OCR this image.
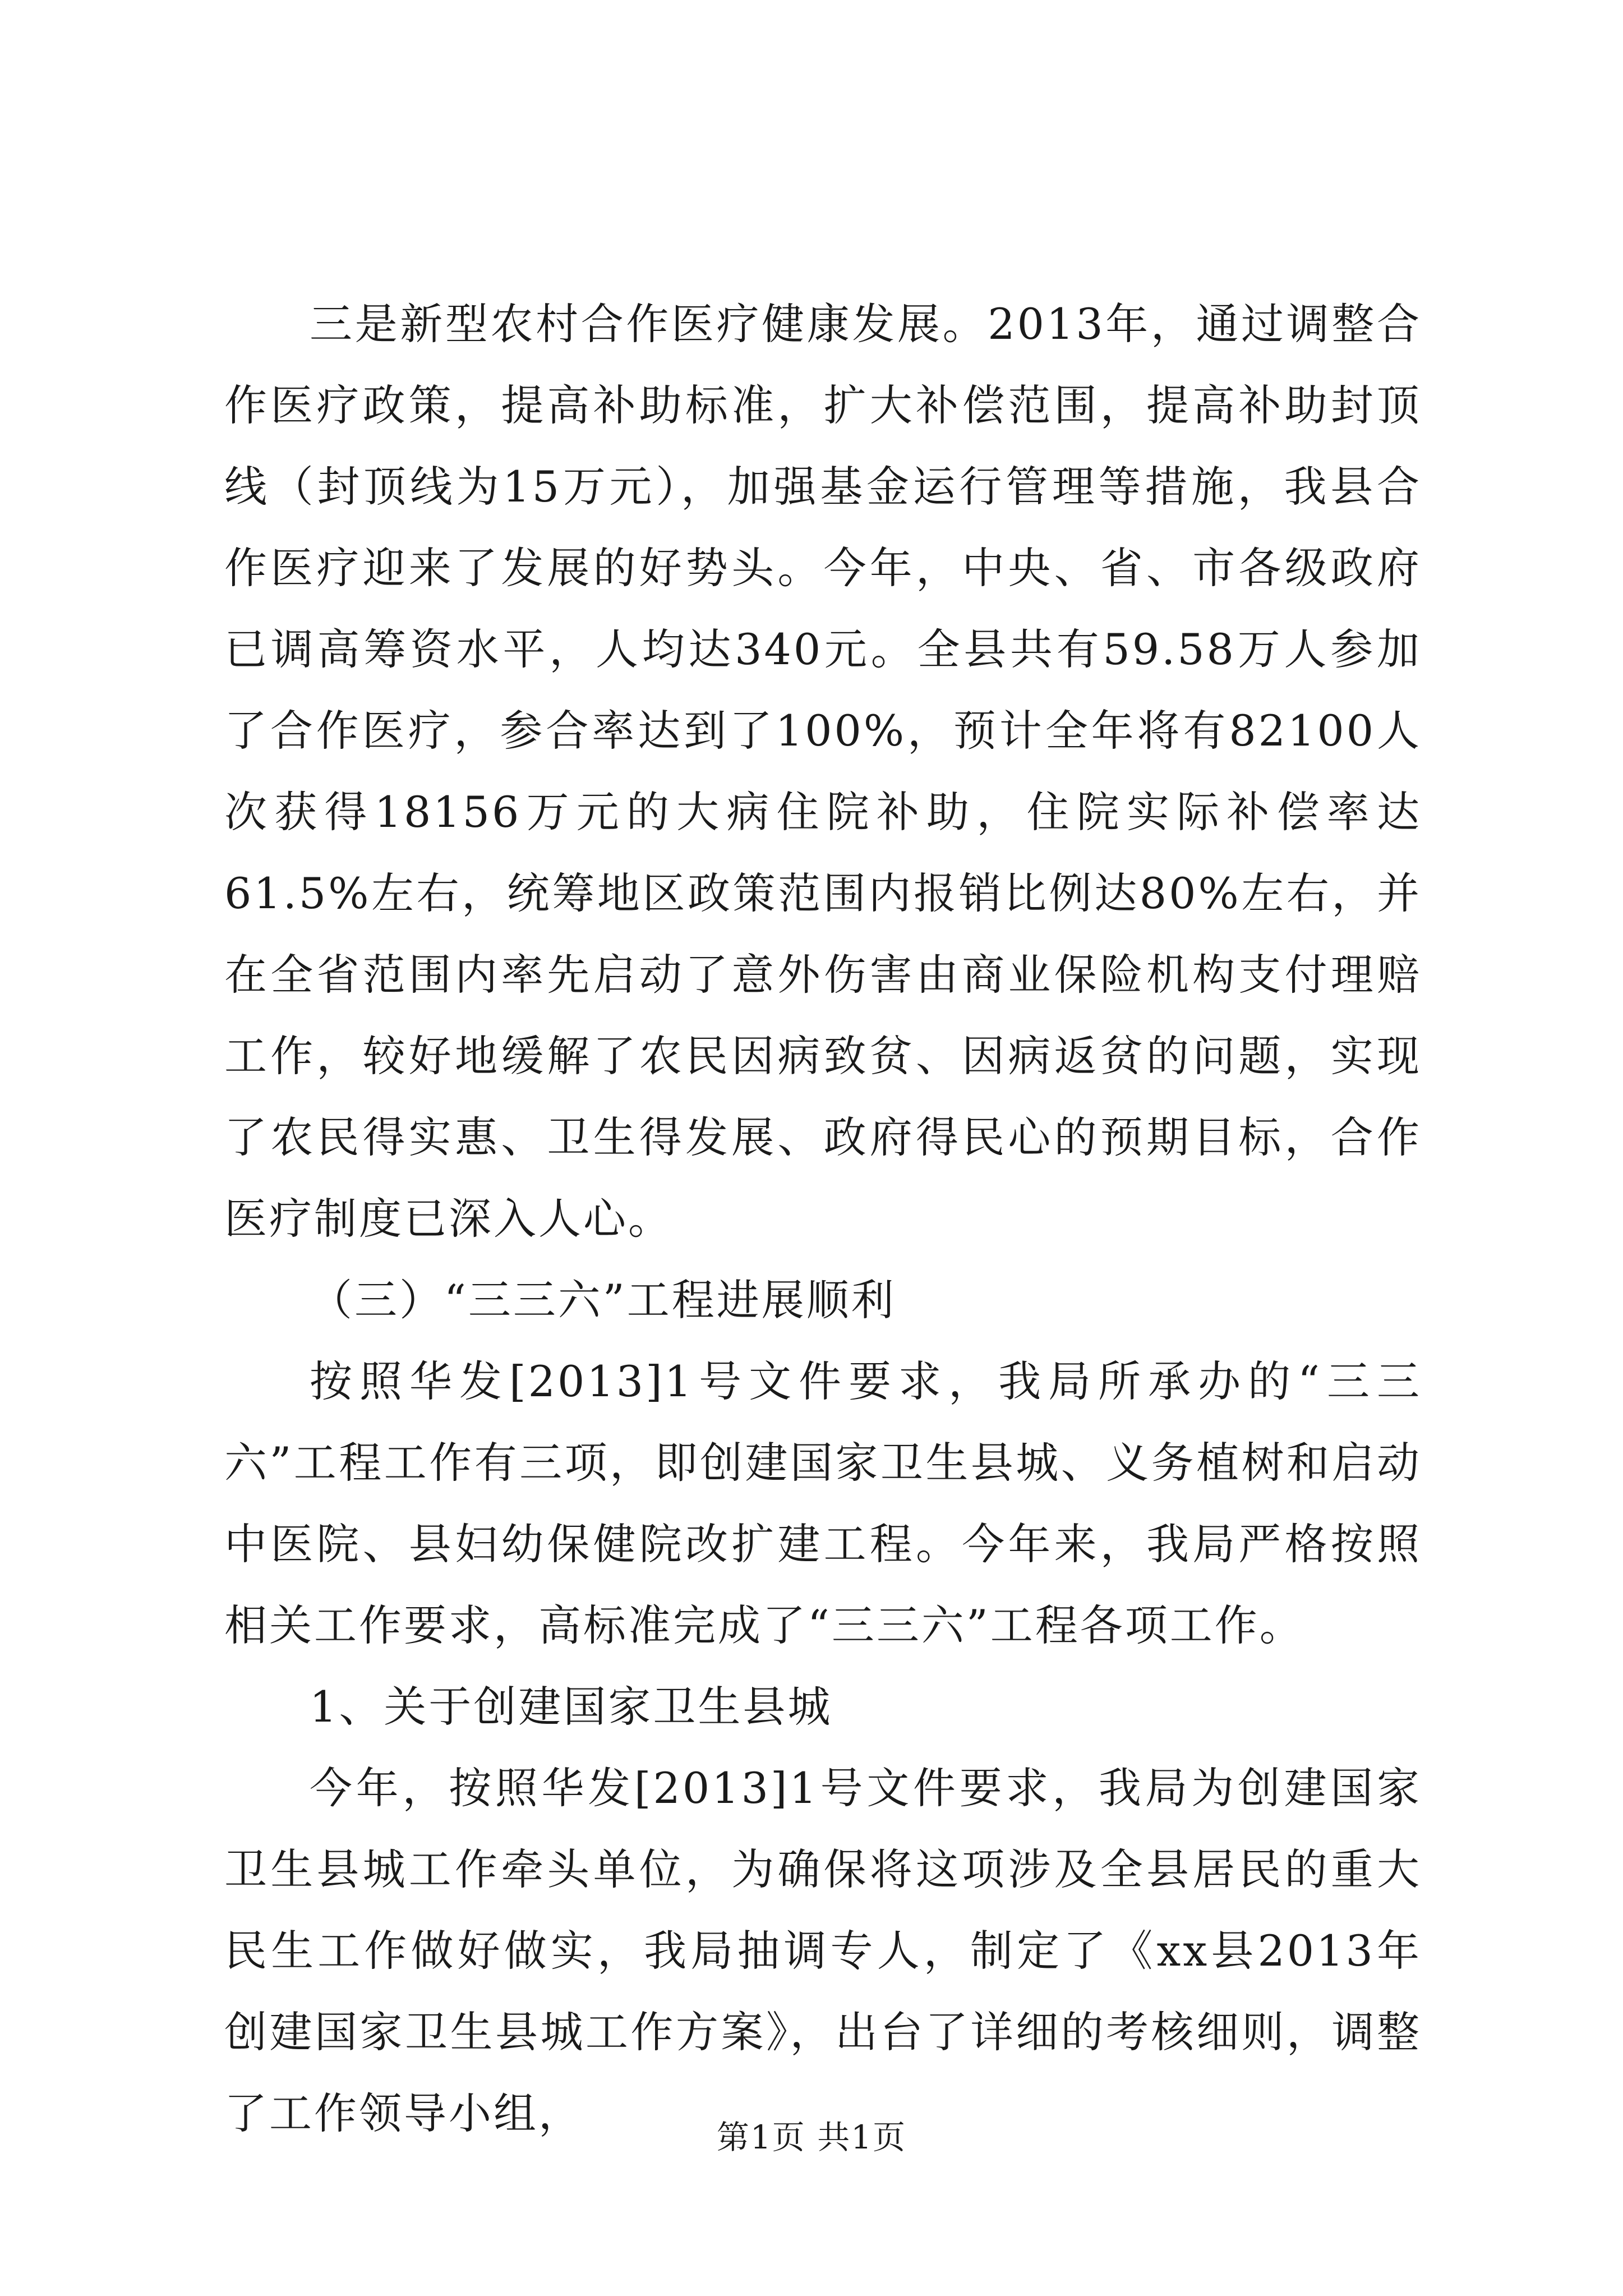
三是新型农村合作医疗健康发展。2013年，通过调整合作医疗政策，提高补助标准，扩大补偿范围，提高补助封顶线（封顶线为15万元），加强基金运行管理等措施，我县合作医疗迎来了发展的好势头。今年，中央、省、市各级政府已调高筹资水平，人均达340元。全县共有59.58万人参加了合作医疗，参合率达到了100%，预计全年将有82100人次获得18156万元的大病住院补助，住院实际补偿率达61.5%左右，统筹地区政策范围内报销比例达80%左右，并在全省范围内率先启动了意外伤害由商业保险机构支付理赔工作，较好地缓解了农民因病致贫、因病返贫的问题，实现了农民得实惠、卫生得发展、政府得民心的预期目标，合作医疗制度已深入人心。

（三）“三三六”工程进展顺利

按照华发[2013]1号文件要求，我局所承办的“三三六”工程工作有三项，即创建国家卫生县城、义务植树和启动中医院、县妇幼保健院改扩建工程。今年来，我局严格按照相关工作要求，高标准完成了“三三六”工程各项工作。

1、关于创建国家卫生县城

今年，按照华发[2013]1号文件要求，我局为创建国家卫生县城工作牵头单位，为确保将这项涉及全县居民的重大民生工作做好做实，我局抽调专人，制定了《xx县2013年创建国家卫生县城工作方案》，出台了详细的考核细则，调整了工作领导小组，	第1页 共1页
